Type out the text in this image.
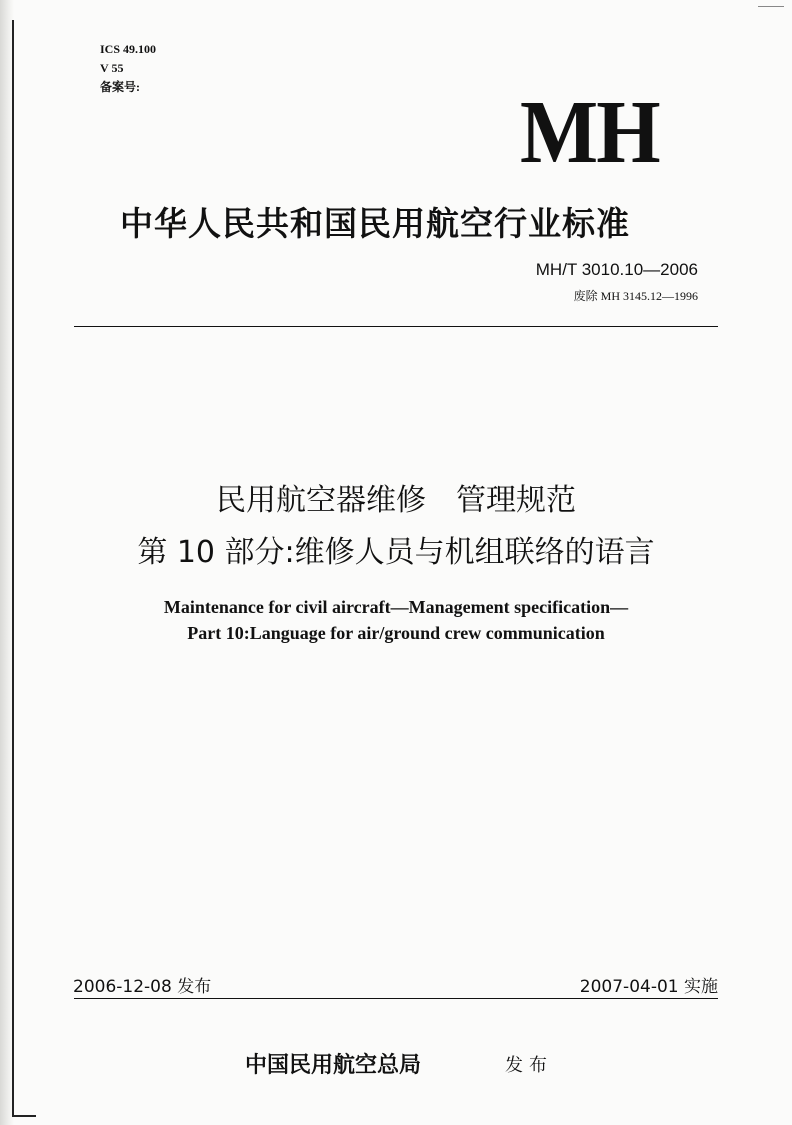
ICS 49.100
V 55
备案号:	MH
中华人民共和国民用航空行业标准
MH/T 3010.10—2006
废除 MH 3145.12—1996
民用航空器维修　管理规范
第 10 部分:维修人员与机组联络的语言
Maintenance for civil aircraft—Management specification—
Part 10:Language for air/ground crew communication
2006-12-08 发布	2007-04-01 实施
中国民用航空总局	发布
